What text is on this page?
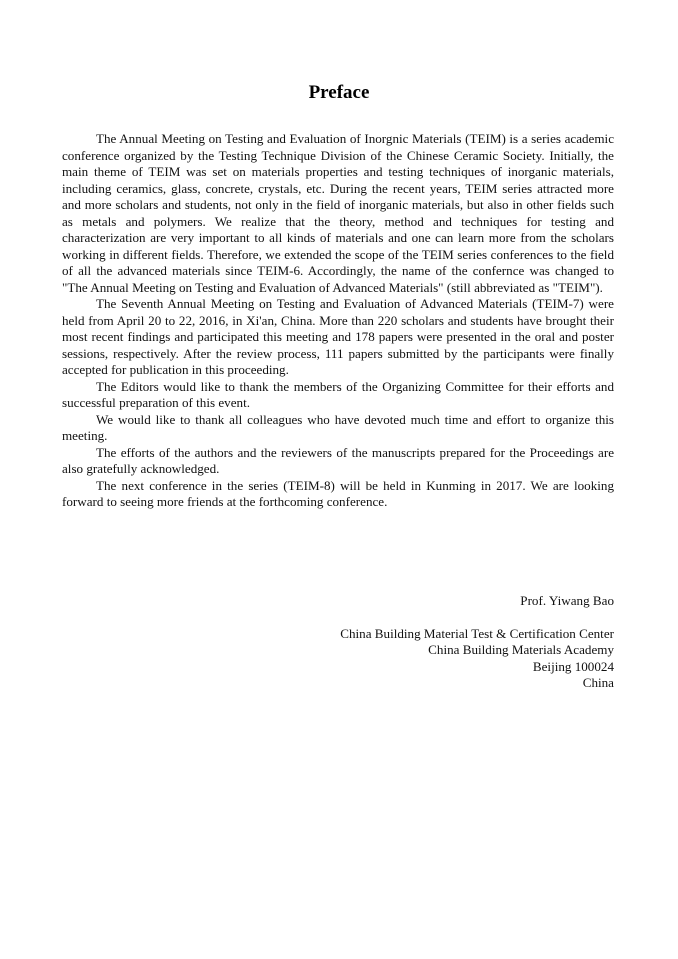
Preface

The Annual Meeting on Testing and Evaluation of Inorgnic Materials (TEIM) is a series academic conference organized by the Testing Technique Division of the Chinese Ceramic Society. Initially, the main theme of TEIM was set on materials properties and testing techniques of inorganic materials, including ceramics, glass, concrete, crystals, etc. During the recent years, TEIM series attracted more and more scholars and students, not only in the field of inorganic materials, but also in other fields such as metals and polymers. We realize that the theory, method and techniques for testing and characterization are very important to all kinds of materials and one can learn more from the scholars working in different fields. Therefore, we extended the scope of the TEIM series conferences to the field of all the advanced materials since TEIM-6. Accordingly, the name of the confernce was changed to "The Annual Meeting on Testing and Evaluation of Advanced Materials" (still abbreviated as "TEIM").

The Seventh Annual Meeting on Testing and Evaluation of Advanced Materials (TEIM-7) were held from April 20 to 22, 2016, in Xi'an, China. More than 220 scholars and students have brought their most recent findings and participated this meeting and 178 papers were presented in the oral and poster sessions, respectively. After the review process, 111 papers submitted by the participants were finally accepted for publication in this proceeding.

The Editors would like to thank the members of the Organizing Committee for their efforts and successful preparation of this event.

We would like to thank all colleagues who have devoted much time and effort to organize this meeting.

The efforts of the authors and the reviewers of the manuscripts prepared for the Proceedings are also gratefully acknowledged.

The next conference in the series (TEIM-8) will be held in Kunming in 2017. We are looking forward to seeing more friends at the forthcoming conference.

Prof. Yiwang Bao
China Building Material Test & Certification Center
China Building Materials Academy
Beijing 100024
China
